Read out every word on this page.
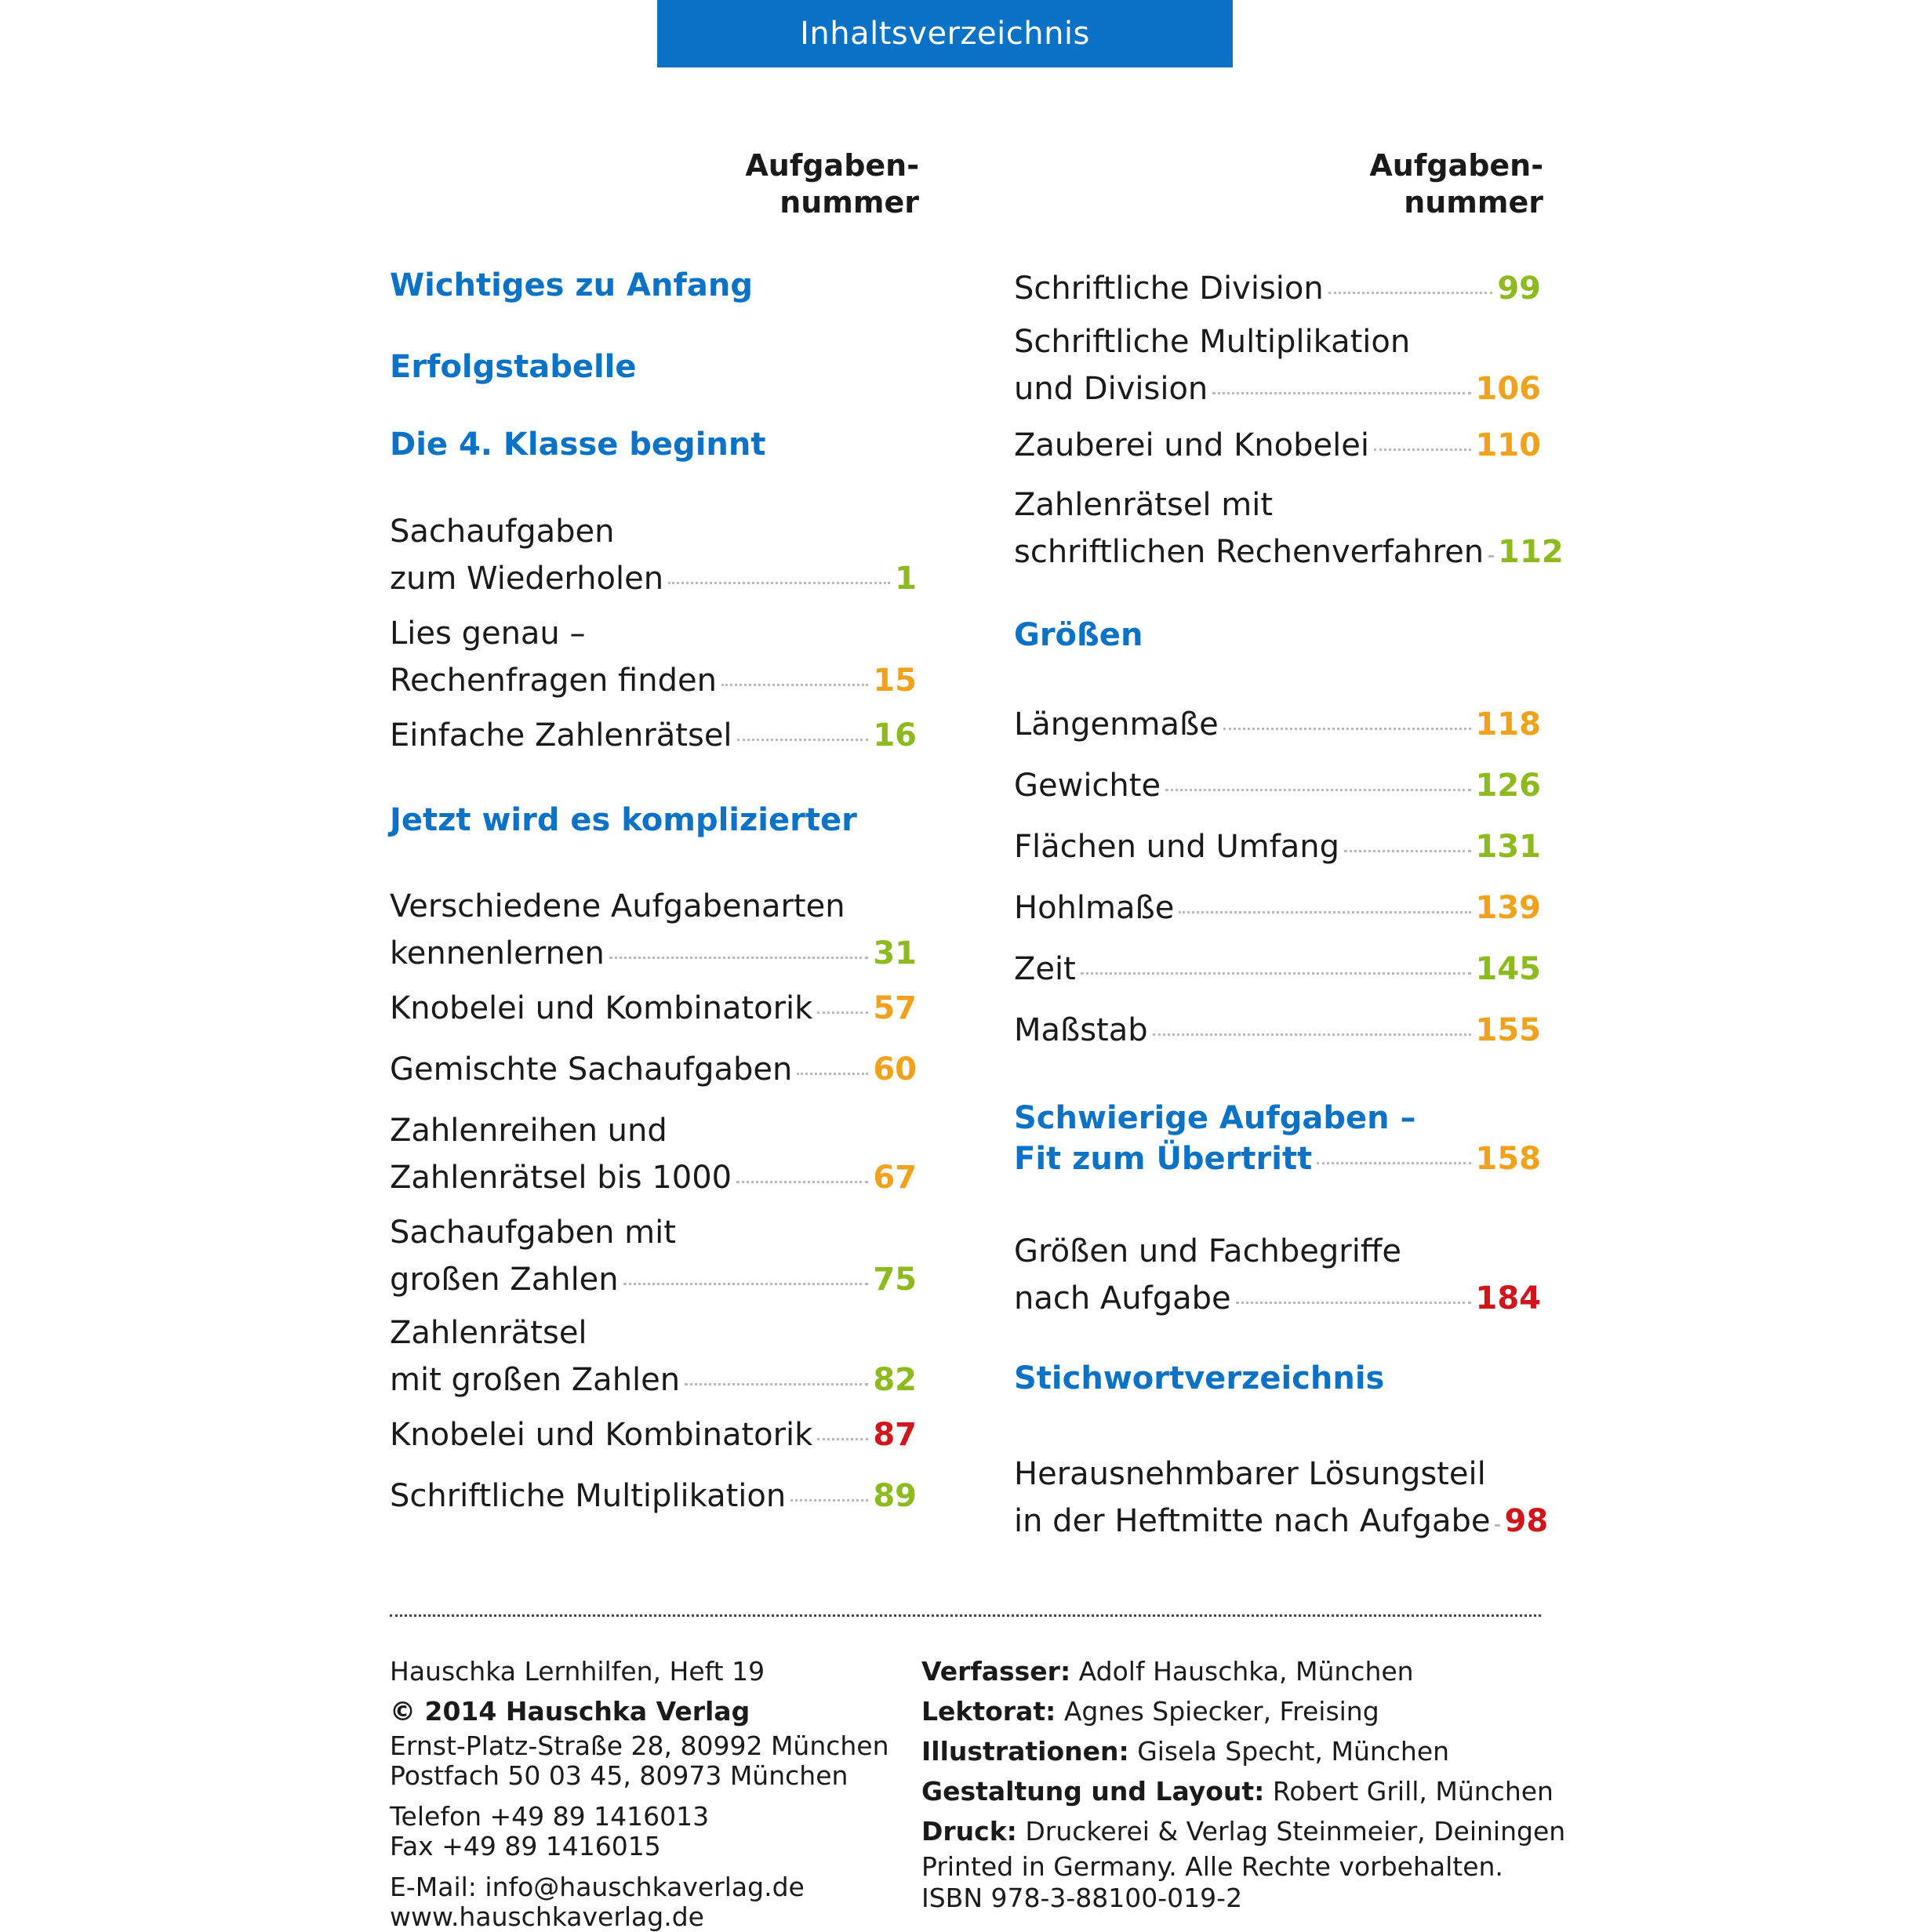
Inhaltsverzeichnis
Aufgaben-
nummer
Aufgaben-
nummer
Wichtiges zu Anfang
Erfolgstabelle
Die 4. Klasse beginnt
Sachaufgaben
zum Wiederholen	1
Lies genau –
Rechenfragen finden	15
Einfache Zahlenrätsel	16
Jetzt wird es komplizierter
Verschiedene Aufgabenarten
kennenlernen	31
Knobelei und Kombinatorik 57
Gemischte Sachaufgaben	60
Zahlenreihen und
Zahlenrätsel bis 1000	67
Sachaufgaben mit
großen Zahlen	75
Zahlenrätsel
mit großen Zahlen	82
Knobelei und Kombinatorik 87
Schriftliche Multiplikation	89
Schriftliche Division	99
Schriftliche Multiplikation
und Division	106
Zauberei und Knobelei	110
Zahlenrätsel mit
schriftlichen Rechenverfahren 112
Größen
Längenmaße	118
Gewichte	126
Flächen und Umfang	131
Hohlmaße	139
Zeit	145
Maßstab	155
Schwierige Aufgaben –
Fit zum Übertritt	158
Größen und Fachbegriffe
nach Aufgabe	184
Stichwortverzeichnis
Herausnehmbarer Lösungsteil
in der Heftmitte nach Aufgabe 98
Hauschka Lernhilfen, Heft 19
© 2014 Hauschka Verlag
Ernst-Platz-Straße 28, 80992 München
Postfach 50 03 45, 80973 München
Telefon +49 89 1416013
Fax +49 89 1416015
E-Mail: info@hauschkaverlag.de
www.hauschkaverlag.de
Verfasser: Adolf Hauschka, München
Lektorat: Agnes Spiecker, Freising
Illustrationen: Gisela Specht, München
Gestaltung und Layout: Robert Grill, München
Druck: Druckerei & Verlag Steinmeier, Deiningen
Printed in Germany. Alle Rechte vorbehalten.
ISBN 978-3-88100-019-2
